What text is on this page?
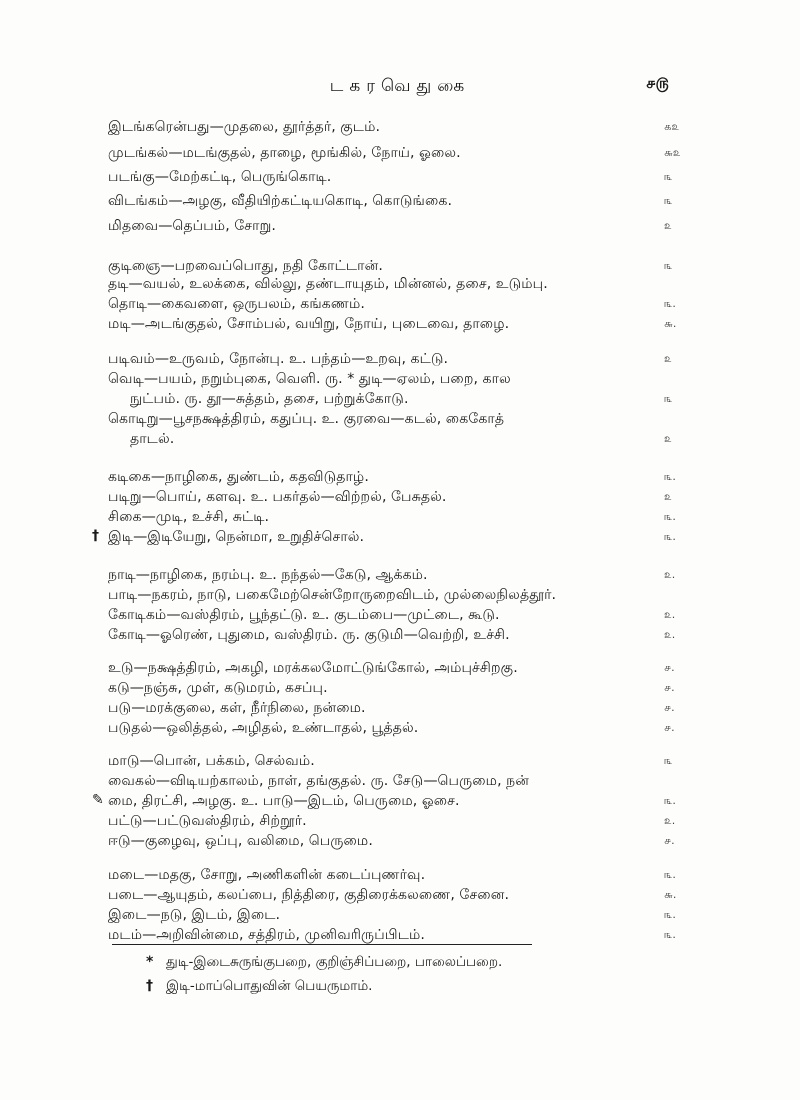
டகரவெதுகை	௪௫
இடங்கரென்பது—முதலை, தூர்த்தர், குடம்.	௧௨
முடங்கல்—மடங்குதல், தாழை, மூங்கில், நோய், ஓலை.	௬௨
படங்கு—மேற்கட்டி, பெருங்கொடி.	௩
விடங்கம்—அழகு, வீதியிற்கட்டியகொடி, கொடுங்கை.	௩
மிதவை—தெப்பம், சோறு.	௨
குடிஞை—பறவைப்பொது, நதி கோட்டான்.	௩
தடி—வயல், உலக்கை, வில்லு, தண்டாயுதம், மின்னல், தசை, உடும்பு.
தொடி—கைவளை, ஒருபலம், கங்கணம்.	௩.
மடி—அடங்குதல், சோம்பல், வயிறு, நோய், புடைவை, தாழை.	௬.
படிவம்—உருவம், நோன்பு. உ. பந்தம்—உறவு, கட்டு.	௨
வெடி—பயம், நறும்புகை, வெளி. ரு. * துடி—ஏலம், பறை, கால
நுட்பம். ரு. தூ—சுத்தம், தசை, பற்றுக்கோடு.	௩
கொடிறு—பூசநக்ஷத்திரம், கதுப்பு. உ. குரவை—கடல், கைகோத்
தாடல்.	௨
கடிகை—நாழிகை, துண்டம், கதவிடுதாழ்.	௩.
படிறு—பொய், களவு. உ. பகர்தல்—விற்றல், பேசுதல்.	௨
சிகை—முடி, உச்சி, சுட்டி.	௩.
இடி—இடியேறு, நென்மா, உறுதிச்சொல்.	௩.
நாடி—நாழிகை, நரம்பு. உ. நந்தல்—கேடு, ஆக்கம்.	௨.
பாடி—நகரம், நாடு, பகைமேற்சென்றோருறைவிடம், முல்லைநிலத்தூர்.
கோடிகம்—வஸ்திரம், பூந்தட்டு. உ. குடம்பை—முட்டை, கூடு.	௨.
கோடி—ஓரெண், புதுமை, வஸ்திரம். ரு. குடுமி—வெற்றி, உச்சி.	௨.
உடு—நக்ஷத்திரம், அகழி, மரக்கலமோட்டுங்கோல், அம்புச்சிறகு.	௪.
கடு—நஞ்சு, முள், கடுமரம், கசப்பு.	௪.
படு—மரக்குலை, கள், நீர்நிலை, நன்மை.	௪.
படுதல்—ஒலித்தல், அழிதல், உண்டாதல், பூத்தல்.	௪.
மாடு—பொன், பக்கம், செல்வம்.	௩
வைகல்—விடியற்காலம், நாள், தங்குதல். ரு. சேடு—பெருமை, நன்
மை, திரட்சி, அழகு. உ. பாடு—இடம், பெருமை, ஓசை.	௩.
பட்டு—பட்டுவஸ்திரம், சிற்றூர்.	௨.
ஈடு—குழைவு, ஒப்பு, வலிமை, பெருமை.	௪.
மடை—மதகு, சோறு, அணிகளின் கடைப்புணர்வு.	௩.
படை—ஆயுதம், கலப்பை, நித்திரை, குதிரைக்கலணை, சேனை.	௬.
இடை—நடு, இடம், இடை.	௩.
மடம்—அறிவின்மை, சத்திரம், முனிவரிருப்பிடம்.	௩.
†
✎
* துடி-இடைசுருங்குபறை, குறிஞ்சிப்பறை, பாலைப்பறை.
† இடி-மாப்பொதுவின் பெயருமாம்.
